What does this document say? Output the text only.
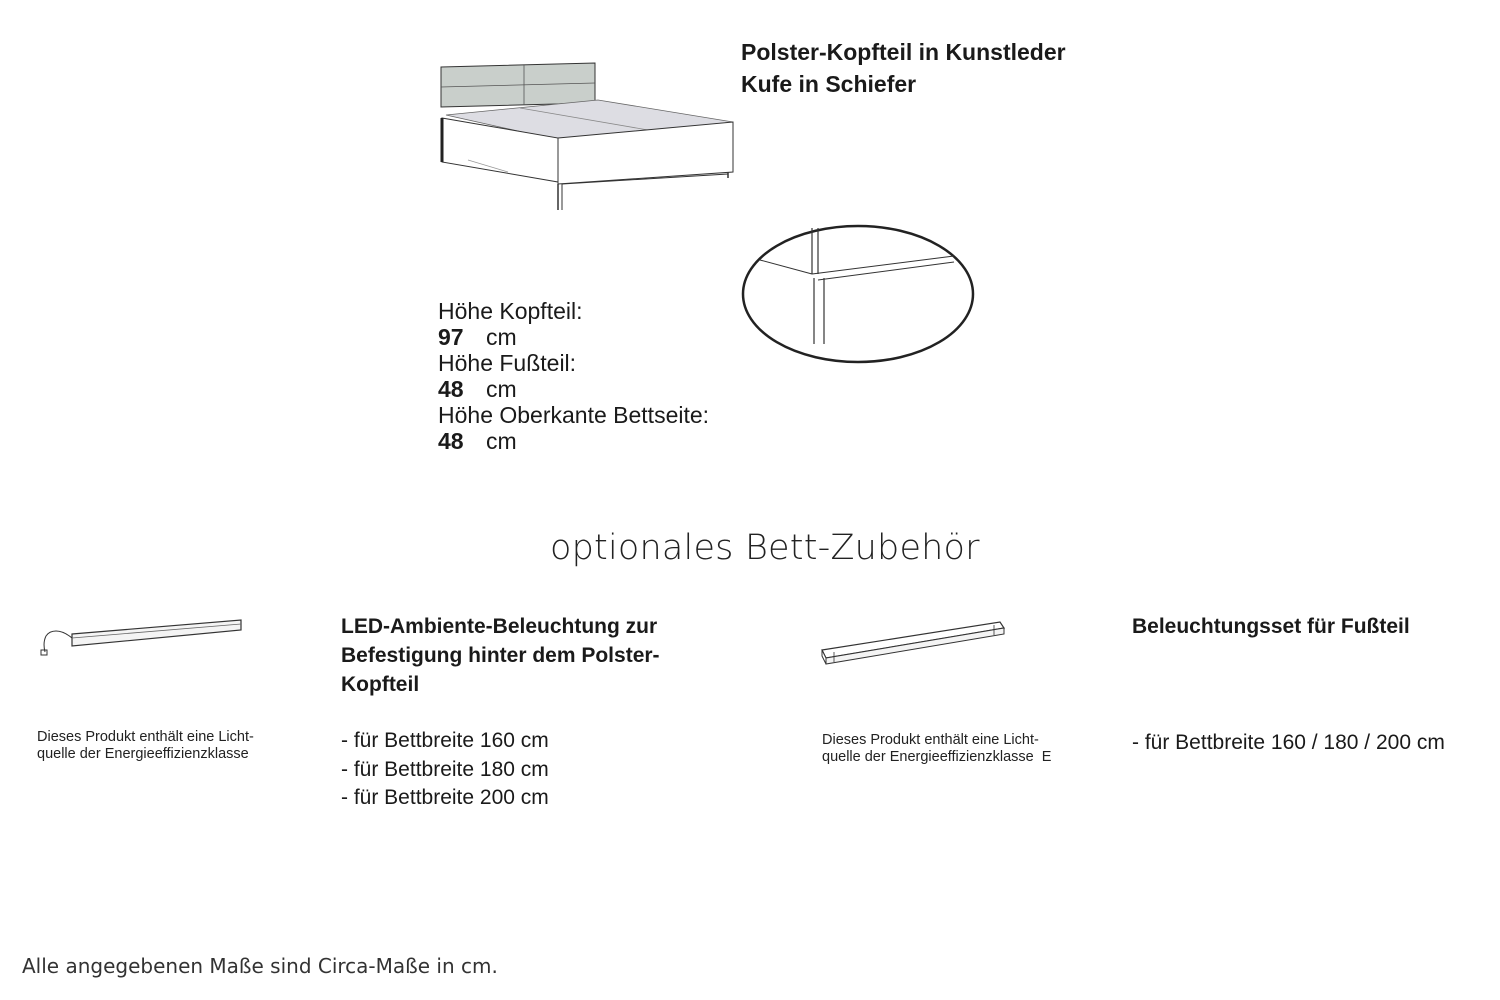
Polster-Kopfteil in Kunstleder
Kufe in Schiefer
Höhe Kopfteil:
97 cm
Höhe Fußteil:
48 cm
Höhe Oberkante Bettseite:
48 cm
optionales Bett-Zubehör
Dieses Produkt enthält eine Licht-
quelle der Energieeffizienzklasse
LED-Ambiente-Beleuchtung zur
Befestigung hinter dem Polster-
Kopfteil
- für Bettbreite 160 cm
- für Bettbreite 180 cm
- für Bettbreite 200 cm
Dieses Produkt enthält eine Licht-
quelle der Energieeffizienzklasse  E
Beleuchtungsset für Fußteil
- für Bettbreite 160 / 180 / 200 cm
Alle angegebenen Maße sind Circa-Maße in cm.
